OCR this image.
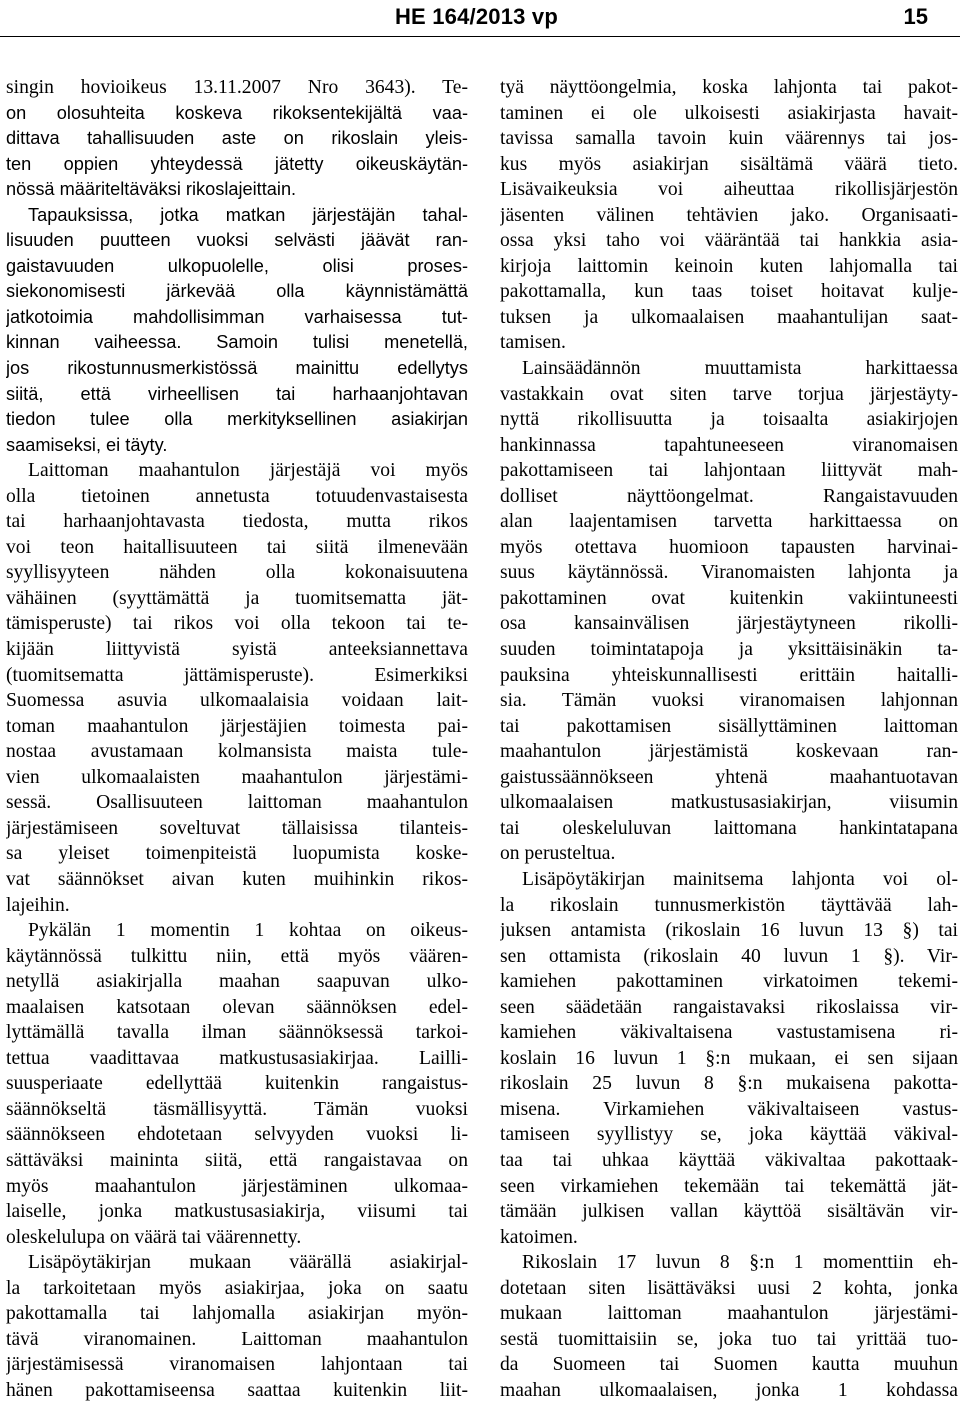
HE 164/2013 vp	15
singin hovioikeus 13.11.2007 Nro 3643). Te-
on olosuhteita koskeva rikoksentekijältä vaa-
dittava tahallisuuden aste on rikoslain yleis-
ten oppien yhteydessä jätetty oikeuskäytän-
nössä määriteltäväksi rikoslajeittain.
Tapauksissa, jotka matkan järjestäjän tahal-
lisuuden puutteen vuoksi selvästi jäävät ran-
gaistavuuden ulkopuolelle, olisi proses-
siekonomisesti järkevää olla käynnistämättä
jatkotoimia mahdollisimman varhaisessa tut-
kinnan vaiheessa. Samoin tulisi menetellä,
jos rikostunnusmerkistössä mainittu edellytys
siitä, että virheellisen tai harhaanjohtavan
tiedon tulee olla merkityksellinen asiakirjan
saamiseksi, ei täyty.
Laittoman maahantulon järjestäjä voi myös
olla tietoinen annetusta totuudenvastaisesta
tai harhaanjohtavasta tiedosta, mutta rikos
voi teon haitallisuuteen tai siitä ilmenevään
syyllisyyteen nähden olla kokonaisuutena
vähäinen (syyttämättä ja tuomitsematta jät-
tämisperuste) tai rikos voi olla tekoon tai te-
kijään liittyvistä syistä anteeksiannettava
(tuomitsematta jättämisperuste). Esimerkiksi
Suomessa asuvia ulkomaalaisia voidaan lait-
toman maahantulon järjestäjien toimesta pai-
nostaa avustamaan kolmansista maista tule-
vien ulkomaalaisten maahantulon järjestämi-
sessä. Osallisuuteen laittoman maahantulon
järjestämiseen soveltuvat tällaisissa tilanteis-
sa yleiset toimenpiteistä luopumista koske-
vat säännökset aivan kuten muihinkin rikos-
lajeihin.
Pykälän 1 momentin 1 kohtaa on oikeus-
käytännössä tulkittu niin, että myös väären-
netyllä asiakirjalla maahan saapuvan ulko-
maalaisen katsotaan olevan säännöksen edel-
lyttämällä tavalla ilman säännöksessä tarkoi-
tettua vaadittavaa matkustusasiakirjaa. Lailli-
suusperiaate edellyttää kuitenkin rangaistus-
säännökseltä täsmällisyyttä. Tämän vuoksi
säännökseen ehdotetaan selvyyden vuoksi li-
sättäväksi maininta siitä, että rangaistavaa on
myös maahantulon järjestäminen ulkomaa-
laiselle, jonka matkustusasiakirja, viisumi tai
oleskelulupa on väärä tai väärennetty.
Lisäpöytäkirjan mukaan väärällä asiakirjal-
la tarkoitetaan myös asiakirjaa, joka on saatu
pakottamalla tai lahjomalla asiakirjan myön-
tävä viranomainen. Laittoman maahantulon
järjestämisessä viranomaisen lahjontaan tai
hänen pakottamiseensa saattaa kuitenkin liit-
tyä näyttöongelmia, koska lahjonta tai pakot-
taminen ei ole ulkoisesti asiakirjasta havait-
tavissa samalla tavoin kuin väärennys tai jos-
kus myös asiakirjan sisältämä väärä tieto.
Lisävaikeuksia voi aiheuttaa rikollisjärjestön
jäsenten välinen tehtävien jako. Organisaati-
ossa yksi taho voi vääräntää tai hankkia asia-
kirjoja laittomin keinoin kuten lahjomalla tai
pakottamalla, kun taas toiset hoitavat kulje-
tuksen ja ulkomaalaisen maahantulijan saat-
tamisen.
Lainsäädännön muuttamista harkittaessa
vastakkain ovat siten tarve torjua järjestäyty-
nyttä rikollisuutta ja toisaalta asiakirjojen
hankinnassa tapahtuneeseen viranomaisen
pakottamiseen tai lahjontaan liittyvät mah-
dolliset näyttöongelmat. Rangaistavuuden
alan laajentamisen tarvetta harkittaessa on
myös otettava huomioon tapausten harvinai-
suus käytännössä. Viranomaisten lahjonta ja
pakottaminen ovat kuitenkin vakiintuneesti
osa kansainvälisen järjestäytyneen rikolli-
suuden toimintatapoja ja yksittäisinäkin ta-
pauksina yhteiskunnallisesti erittäin haitalli-
sia. Tämän vuoksi viranomaisen lahjonnan
tai pakottamisen sisällyttäminen laittoman
maahantulon järjestämistä koskevaan ran-
gaistussäännökseen yhtenä maahantuotavan
ulkomaalaisen matkustusasiakirjan, viisumin
tai oleskeluluvan laittomana hankintatapana
on perusteltua.
Lisäpöytäkirjan mainitsema lahjonta voi ol-
la rikoslain tunnusmerkistön täyttävää lah-
juksen antamista (rikoslain 16 luvun 13 §) tai
sen ottamista (rikoslain 40 luvun 1 §). Vir-
kamiehen pakottaminen virkatoimen tekemi-
seen säädetään rangaistavaksi rikoslaissa vir-
kamiehen väkivaltaisena vastustamisena ri-
koslain 16 luvun 1 §:n mukaan, ei sen sijaan
rikoslain 25 luvun 8 §:n mukaisena pakotta-
misena. Virkamiehen väkivaltaiseen vastus-
tamiseen syyllistyy se, joka käyttää väkival-
taa tai uhkaa käyttää väkivaltaa pakottaak-
seen virkamiehen tekemään tai tekemättä jät-
tämään julkisen vallan käyttöä sisältävän vir-
katoimen.
Rikoslain 17 luvun 8 §:n 1 momenttiin eh-
dotetaan siten lisättäväksi uusi 2 kohta, jonka
mukaan laittoman maahantulon järjestämi-
sestä tuomittaisiin se, joka tuo tai yrittää tuo-
da Suomeen tai Suomen kautta muuhun
maahan ulkomaalaisen, jonka 1 kohdassa
